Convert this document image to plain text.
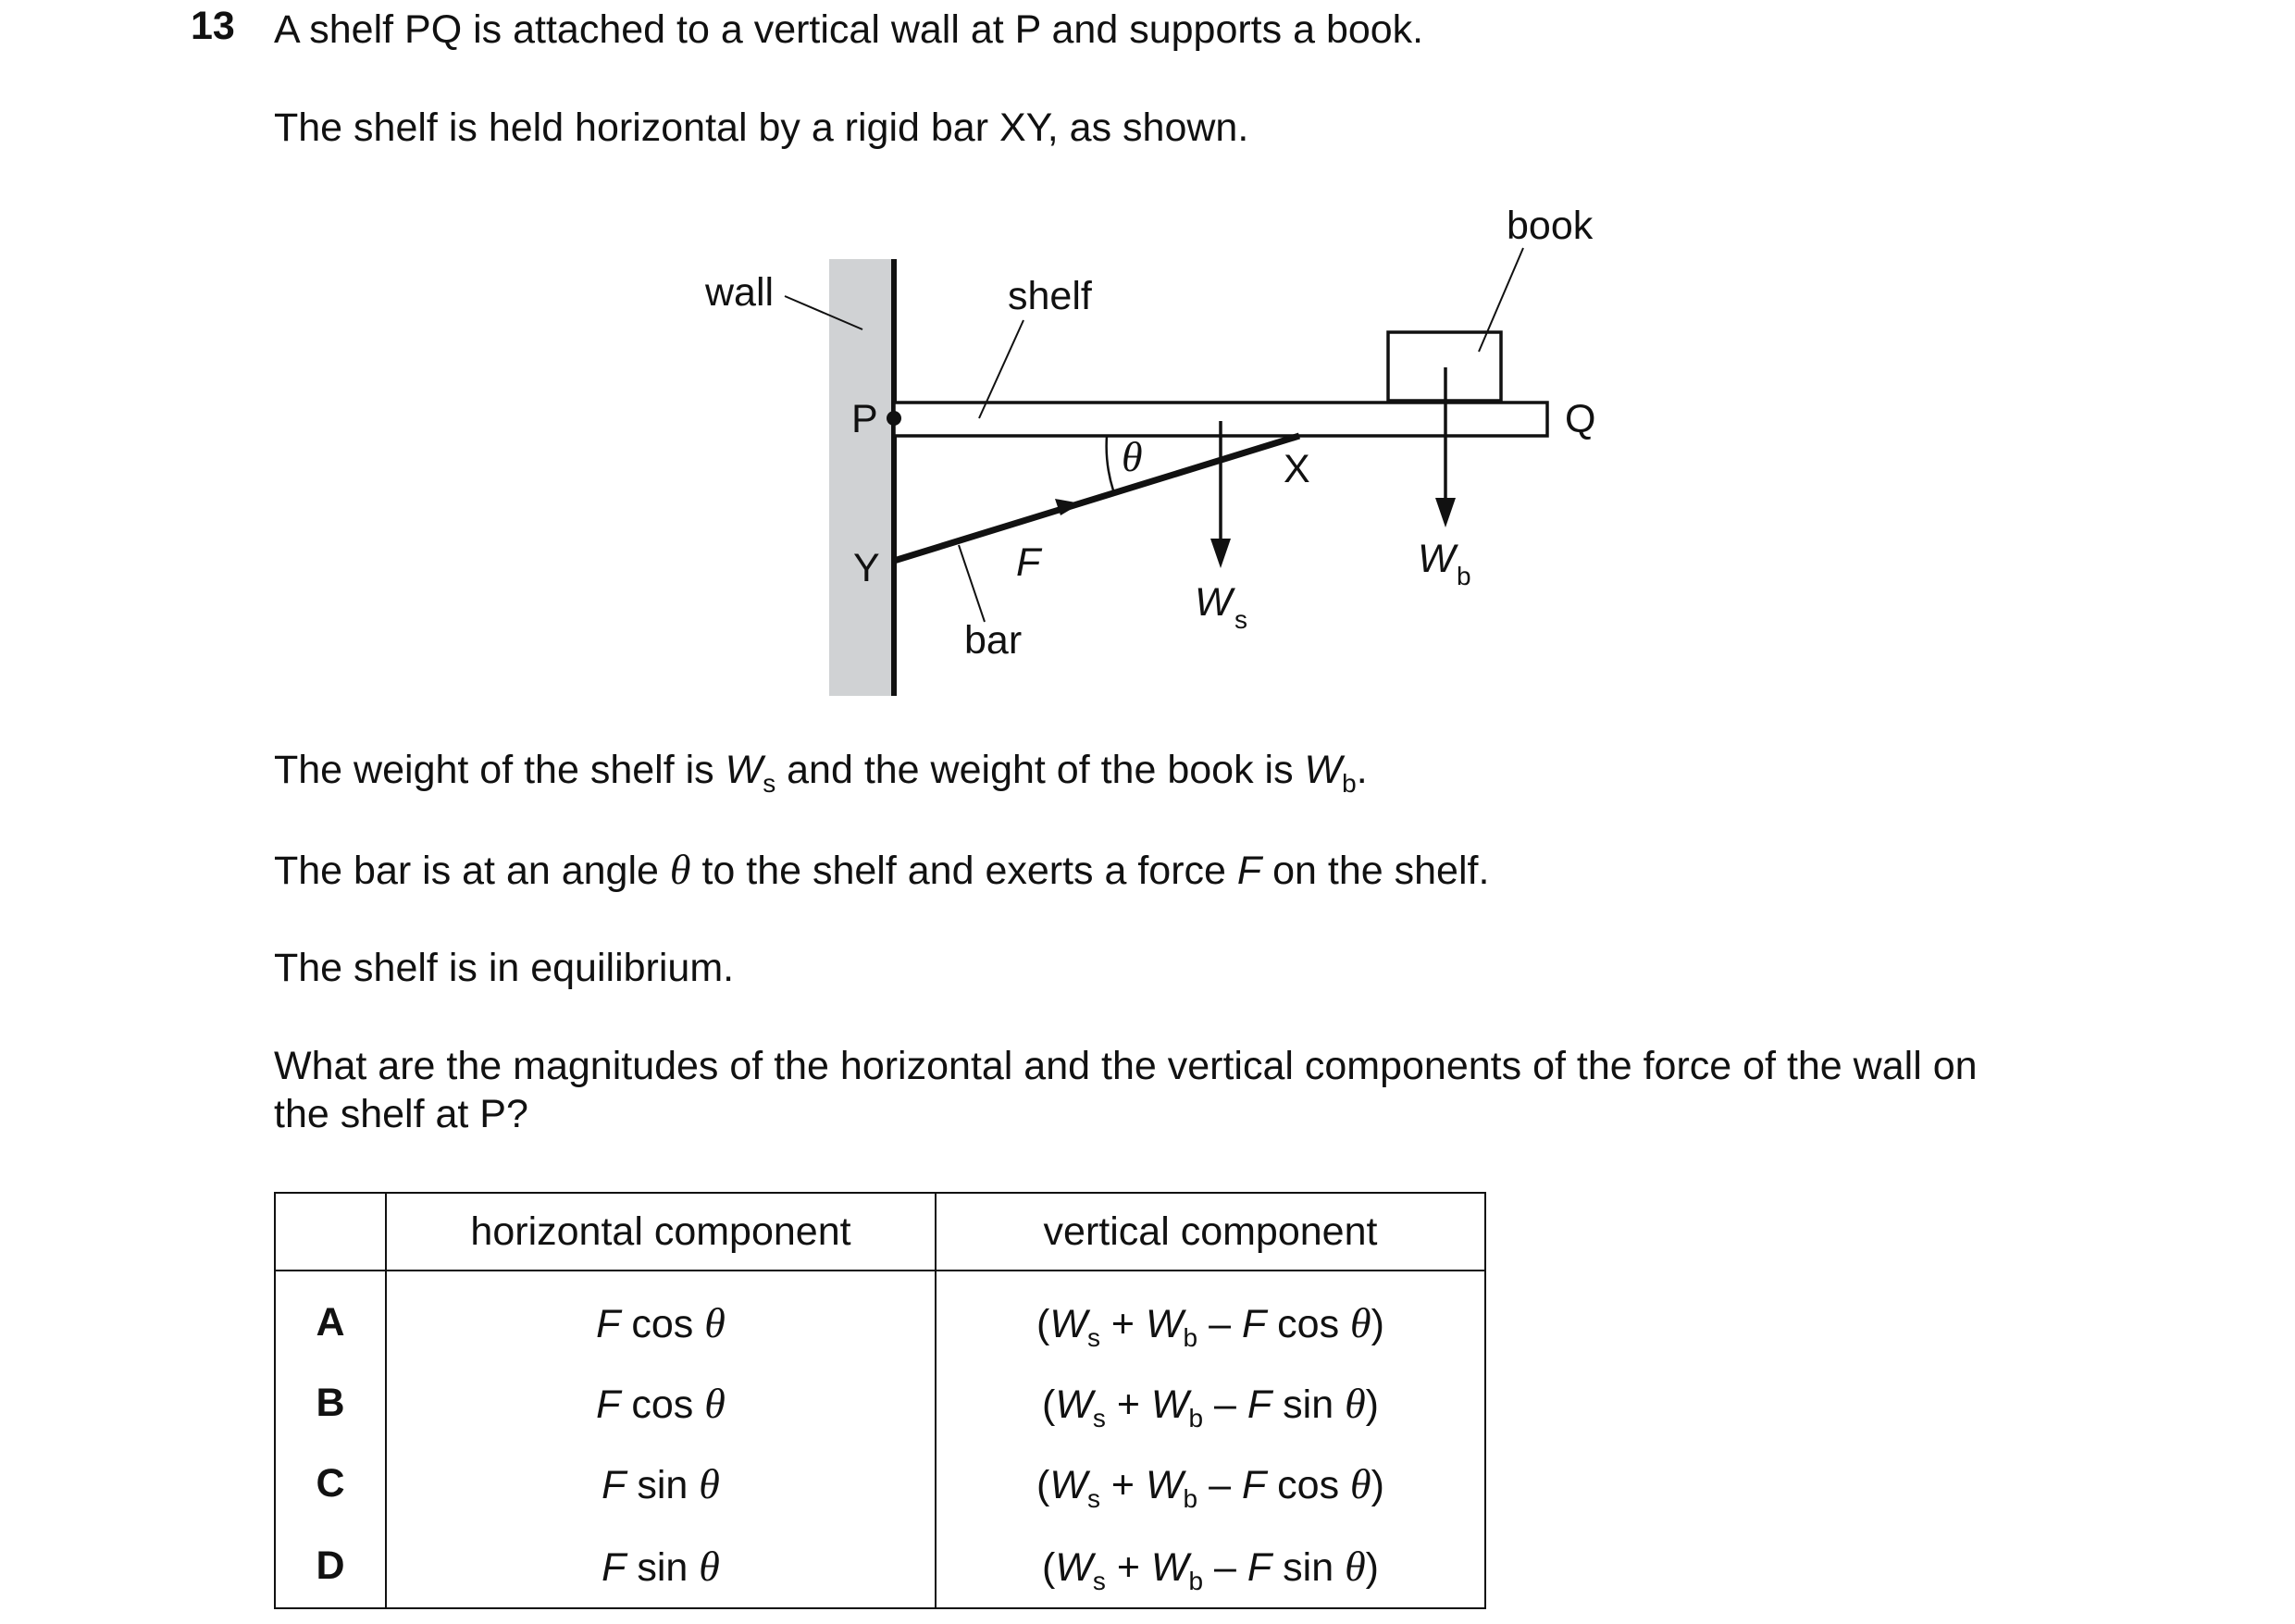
13 A shelf PQ is attached to a vertical wall at P and supports a book.
The shelf is held horizontal by a rigid bar XY, as shown.
wall	shelf
book
P	Q
X
Y
θ
F
bar
W s
W b
The weight of the shelf is $W_s$ and the weight of the book is $W_b$.
The bar is at an angle θ to the shelf and exerts a force F on the shelf.
The shelf is in equilibrium.
What are the magnitudes of the horizontal and the vertical components of the force of the wall on
the shelf at P?
	horizontal component	vertical component
A	F cos θ	($W_s + W_b - F$ cos θ)
B	F cos θ	($W_s + W_b - F$ sin θ)
C	F sin θ	($W_s + W_b - F$ cos θ)
D	F sin θ	($W_s + W_b - F$ sin θ)
